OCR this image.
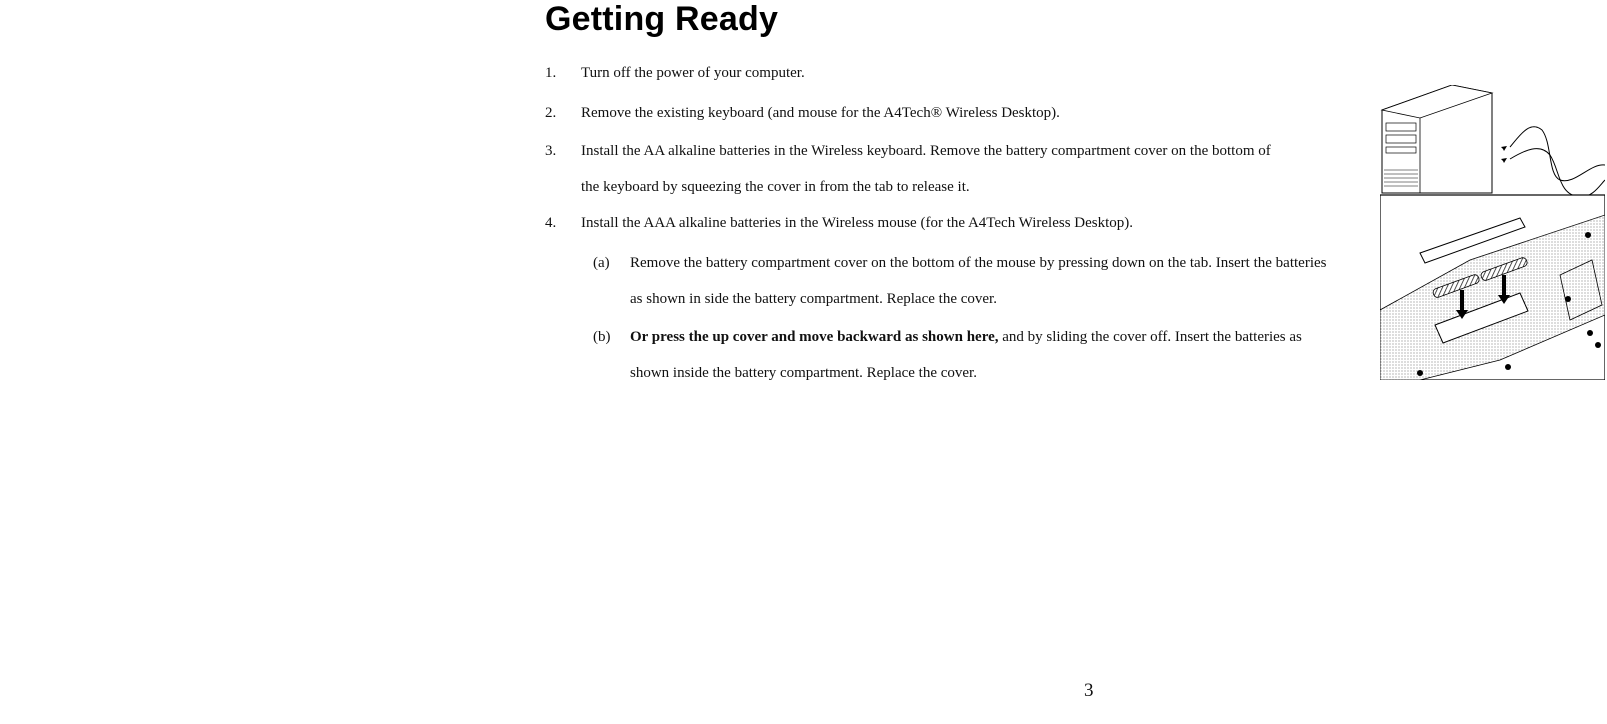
Getting Ready
1. Turn off the power of your computer.
2. Remove the existing keyboard (and mouse for the A4Tech® Wireless Desktop).
3. Install the AA alkaline batteries in the Wireless keyboard. Remove the battery compartment cover on the bottom of
the keyboard by squeezing the cover in from the tab to release it.
4. Install the AAA alkaline batteries in the Wireless mouse (for the A4Tech Wireless Desktop).
(a) Remove the battery compartment cover on the bottom of the mouse by pressing down on the tab. Insert the batteries
as shown in side the battery compartment. Replace the cover.
(b) Or press the up cover and move backward as shown here, and by sliding the cover off. Insert the batteries as
shown inside the battery compartment. Replace the cover.
3
